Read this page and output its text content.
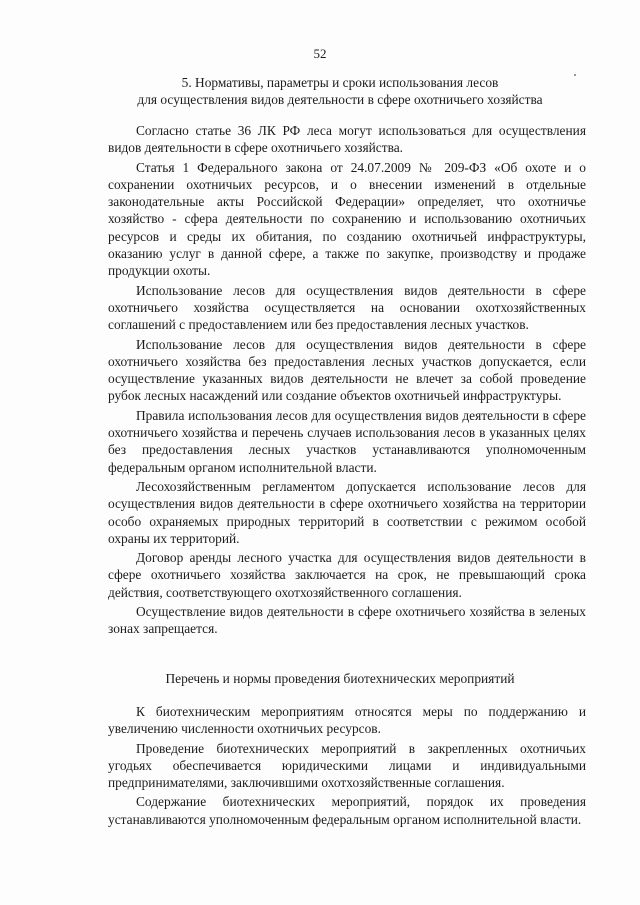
52
5. Нормативы, параметры и сроки использования лесов
для осуществления видов деятельности в сфере охотничьего хозяйства

Согласно статье 36 ЛК РФ леса могут использоваться для осуществления видов деятельности в сфере охотничьего хозяйства.

Статья 1 Федерального закона от 24.07.2009 № 209-ФЗ «Об охоте и о сохранении охотничьих ресурсов, и о внесении изменений в отдельные законодательные акты Российской Федерации» определяет, что охотничье хозяйство - сфера деятельности по сохранению и использованию охотничьих ресурсов и среды их обитания, по созданию охотничьей инфраструктуры, оказанию услуг в данной сфере, а также по закупке, производству и продаже продукции охоты.

Использование лесов для осуществления видов деятельности в сфере охотничьего хозяйства осуществляется на основании охотхозяйственных соглашений с предоставлением или без предоставления лесных участков.

Использование лесов для осуществления видов деятельности в сфере охотничьего хозяйства без предоставления лесных участков допускается, если осуществление указанных видов деятельности не влечет за собой проведение рубок лесных насаждений или создание объектов охотничьей инфраструктуры.

Правила использования лесов для осуществления видов деятельности в сфере охотничьего хозяйства и перечень случаев использования лесов в указанных целях без предоставления лесных участков устанавливаются уполномоченным федеральным органом исполнительной власти.

Лесохозяйственным регламентом допускается использование лесов для осуществления видов деятельности в сфере охотничьего хозяйства на территории особо охраняемых природных территорий в соответствии с режимом особой охраны их территорий.

Договор аренды лесного участка для осуществления видов деятельности в сфере охотничьего хозяйства заключается на срок, не превышающий срока действия, соответствующего охотхозяйственного соглашения.

Осуществление видов деятельности в сфере охотничьего хозяйства в зеленых зонах запрещается.

Перечень и нормы проведения биотехнических мероприятий

К биотехническим мероприятиям относятся меры по поддержанию и увеличению численности охотничьих ресурсов.

Проведение биотехнических мероприятий в закрепленных охотничьих угодьях обеспечивается юридическими лицами и индивидуальными предпринимателями, заключившими охотхозяйственные соглашения.

Содержание биотехнических мероприятий, порядок их проведения устанавливаются уполномоченным федеральным органом исполнительной власти.
